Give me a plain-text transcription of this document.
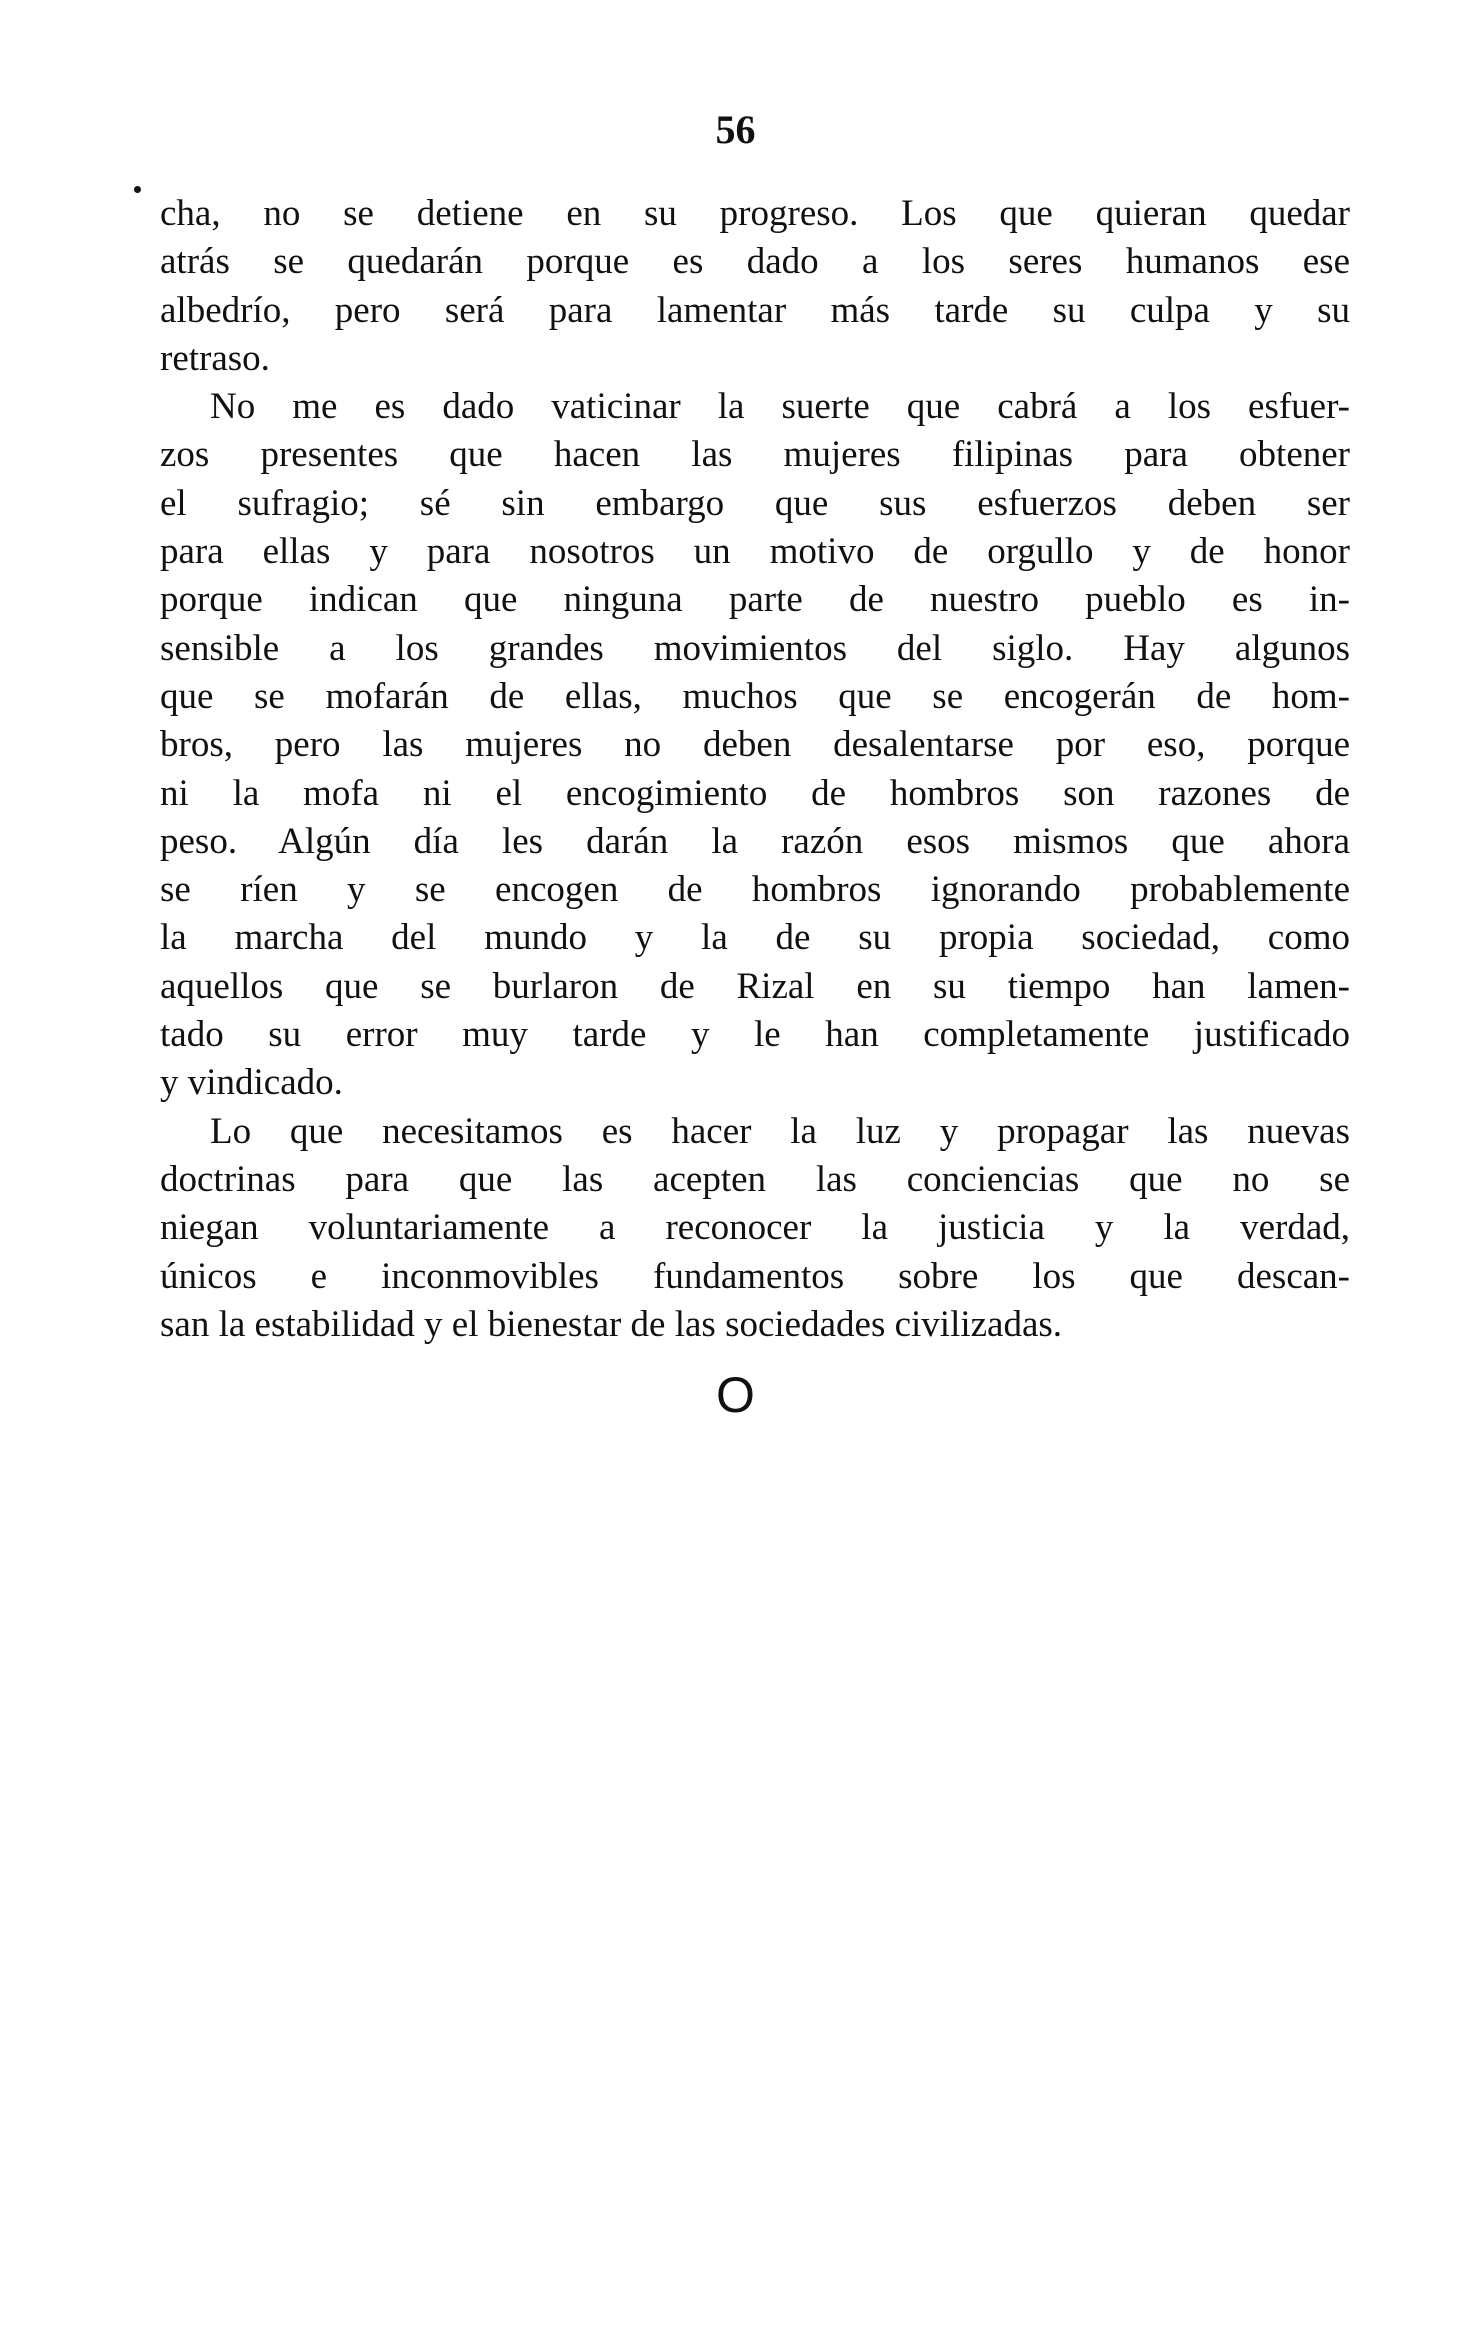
56
cha, no se detiene en su progreso. Los que quieran quedar
atrás se quedarán porque es dado a los seres humanos ese
albedrío, pero será para lamentar más tarde su culpa y su
retraso.
No me es dado vaticinar la suerte que cabrá a los esfuer-
zos presentes que hacen las mujeres filipinas para obtener
el sufragio; sé sin embargo que sus esfuerzos deben ser
para ellas y para nosotros un motivo de orgullo y de honor
porque indican que ninguna parte de nuestro pueblo es in-
sensible a los grandes movimientos del siglo. Hay algunos
que se mofarán de ellas, muchos que se encogerán de hom-
bros, pero las mujeres no deben desalentarse por eso, porque
ni la mofa ni el encogimiento de hombros son razones de
peso. Algún día les darán la razón esos mismos que ahora
se ríen y se encogen de hombros ignorando probablemente
la marcha del mundo y la de su propia sociedad, como
aquellos que se burlaron de Rizal en su tiempo han lamen-
tado su error muy tarde y le han completamente justificado
y vindicado.
Lo que necesitamos es hacer la luz y propagar las nuevas
doctrinas para que las acepten las conciencias que no se
niegan voluntariamente a reconocer la justicia y la verdad,
únicos e inconmovibles fundamentos sobre los que descan-
san la estabilidad y el bienestar de las sociedades civilizadas.
O
